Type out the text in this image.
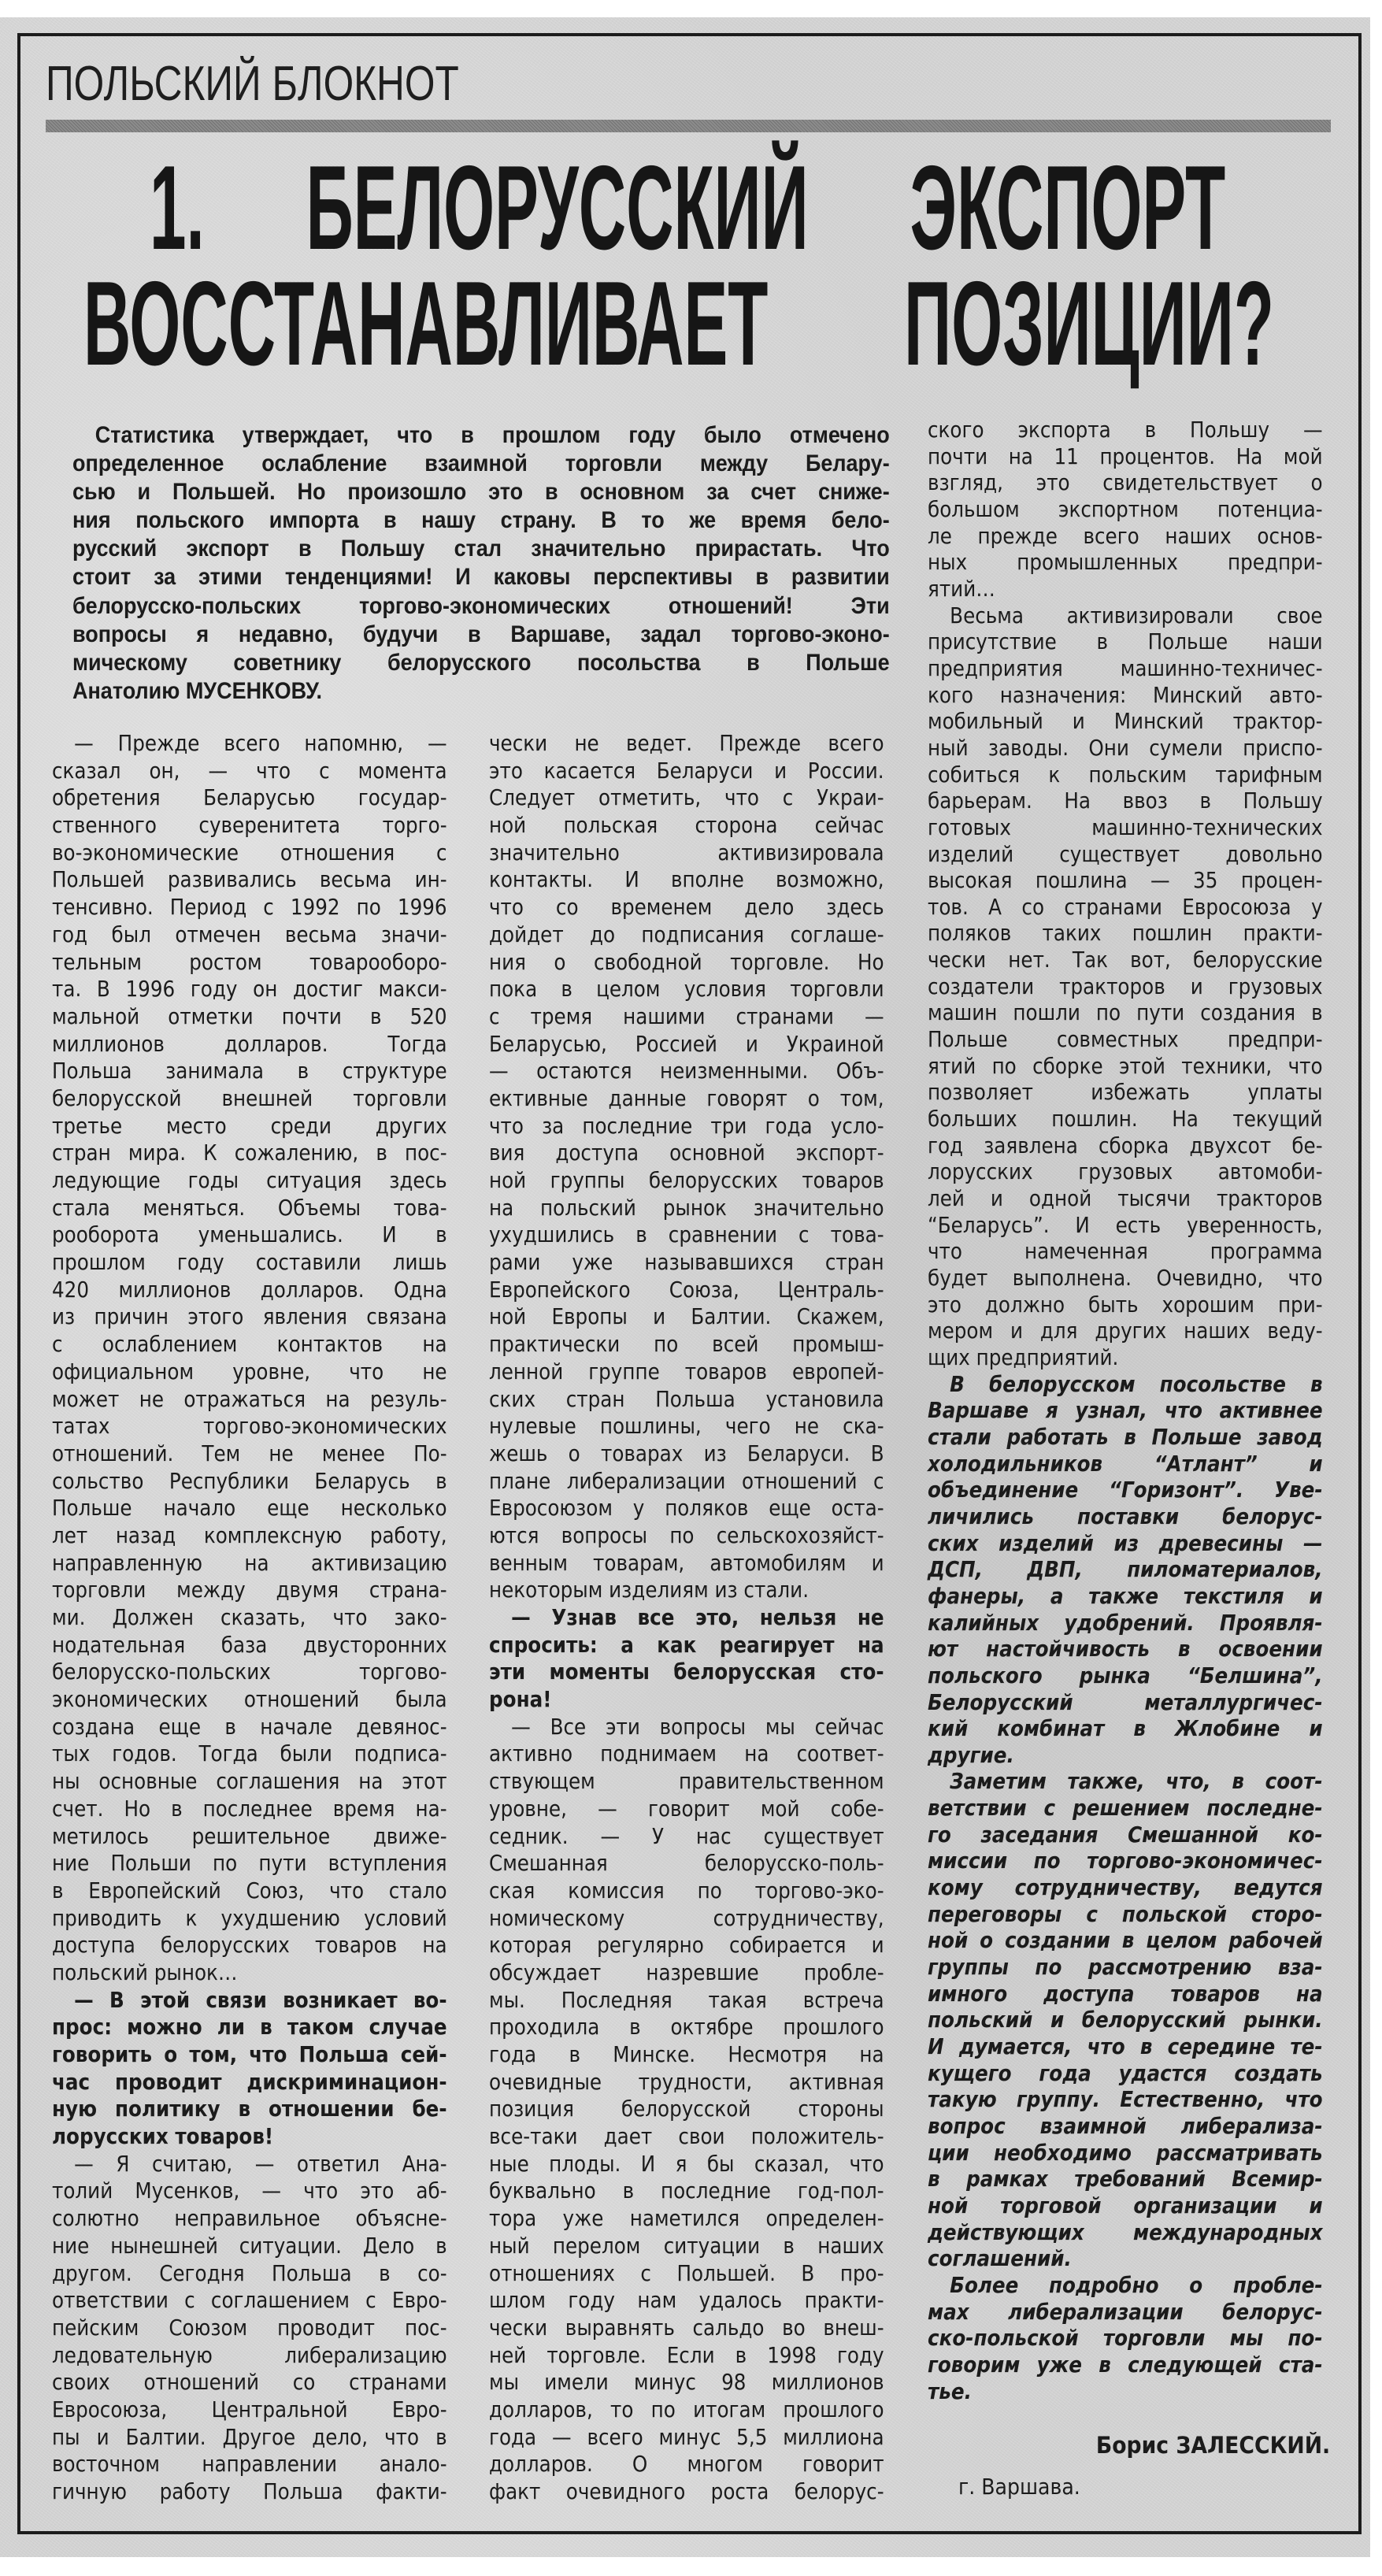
ПОЛЬСКИЙ БЛОКНОТ
1. БЕЛОРУССКИЙ ЭКСПОРТ
ВОССТАНАВЛИВАЕТ ПОЗИЦИИ?
Статистика утверждает, что в прошлом году было отмечено
определенное ослабление взаимной торговли между Белару-
сью и Польшей. Но произошло это в основном за счет сниже-
ния польского импорта в нашу страну. В то же время бело-
русский экспорт в Польшу стал значительно прирастать. Что
стоит за этими тенденциями! И каковы перспективы в развитии
белорусско-польских торгово-экономических отношений! Эти
вопросы я недавно, будучи в Варшаве, задал торгово-эконо-
мическому советнику белорусского посольства в Польше
Анатолию МУСЕНКОВУ.
— Прежде всего напомню, —
сказал он, — что с момента
обретения Беларусью государ-
ственного суверенитета торго-
во-экономические отношения с
Польшей развивались весьма ин-
тенсивно. Период с 1992 по 1996
год был отмечен весьма значи-
тельным ростом товарооборо-
та. В 1996 году он достиг макси-
мальной отметки почти в 520
миллионов долларов. Тогда
Польша занимала в структуре
белорусской внешней торговли
третье место среди других
стран мира. К сожалению, в пос-
ледующие годы ситуация здесь
стала меняться. Объемы това-
рооборота уменьшались. И в
прошлом году составили лишь
420 миллионов долларов. Одна
из причин этого явления связана
с ослаблением контактов на
официальном уровне, что не
может не отражаться на резуль-
татах торгово-экономических
отношений. Тем не менее По-
сольство Республики Беларусь в
Польше начало еще несколько
лет назад комплексную работу,
направленную на активизацию
торговли между двумя страна-
ми. Должен сказать, что зако-
нодательная база двусторонних
белорусско-польских торгово-
экономических отношений была
создана еще в начале девянос-
тых годов. Тогда были подписа-
ны основные соглашения на этот
счет. Но в последнее время на-
метилось решительное движе-
ние Польши по пути вступления
в Европейский Союз, что стало
приводить к ухудшению условий
доступа белорусских товаров на
польский рынок…
— В этой связи возникает во-
прос: можно ли в таком случае
говорить о том, что Польша сей-
час проводит дискриминацион-
ную политику в отношении бе-
лорусских товаров!
— Я считаю, — ответил Ана-
толий Мусенков, — что это аб-
солютно неправильное объясне-
ние нынешней ситуации. Дело в
другом. Сегодня Польша в со-
ответствии с соглашением с Евро-
пейским Союзом проводит пос-
ледовательную либерализацию
своих отношений со странами
Евросоюза, Центральной Евро-
пы и Балтии. Другое дело, что в
восточном направлении анало-
гичную работу Польша факти-
чески не ведет. Прежде всего
это касается Беларуси и России.
Следует отметить, что с Украи-
ной польская сторона сейчас
значительно активизировала
контакты. И вполне возможно,
что со временем дело здесь
дойдет до подписания соглаше-
ния о свободной торговле. Но
пока в целом условия торговли
с тремя нашими странами —
Беларусью, Россией и Украиной
— остаются неизменными. Объ-
ективные данные говорят о том,
что за последние три года усло-
вия доступа основной экспорт-
ной группы белорусских товаров
на польский рынок значительно
ухудшились в сравнении с това-
рами уже называвшихся стран
Европейского Союза, Централь-
ной Европы и Балтии. Скажем,
практически по всей промыш-
ленной группе товаров европей-
ских стран Польша установила
нулевые пошлины, чего не ска-
жешь о товарах из Беларуси. В
плане либерализации отношений с
Евросоюзом у поляков еще оста-
ются вопросы по сельскохозяйст-
венным товарам, автомобилям и
некоторым изделиям из стали.
— Узнав все это, нельзя не
спросить: а как реагирует на
эти моменты белорусская сто-
рона!
— Все эти вопросы мы сейчас
активно поднимаем на соответ-
ствующем правительственном
уровне, — говорит мой собе-
седник. — У нас существует
Смешанная белорусско-поль-
ская комиссия по торгово-эко-
номическому сотрудничеству,
которая регулярно собирается и
обсуждает назревшие пробле-
мы. Последняя такая встреча
проходила в октябре прошлого
года в Минске. Несмотря на
очевидные трудности, активная
позиция белорусской стороны
все-таки дает свои положитель-
ные плоды. И я бы сказал, что
буквально в последние год-пол-
тора уже наметился определен-
ный перелом ситуации в наших
отношениях с Польшей. В про-
шлом году нам удалось практи-
чески выравнять сальдо во внеш-
ней торговле. Если в 1998 году
мы имели минус 98 миллионов
долларов, то по итогам прошлого
года — всего минус 5,5 миллиона
долларов. О многом говорит
факт очевидного роста белорус-
ского экспорта в Польшу —
почти на 11 процентов. На мой
взгляд, это свидетельствует о
большом экспортном потенциа-
ле прежде всего наших основ-
ных промышленных предпри-
ятий…
Весьма активизировали свое
присутствие в Польше наши
предприятия машинно-техничес-
кого назначения: Минский авто-
мобильный и Минский трактор-
ный заводы. Они сумели приспо-
собиться к польским тарифным
барьерам. На ввоз в Польшу
готовых машинно-технических
изделий существует довольно
высокая пошлина — 35 процен-
тов. А со странами Евросоюза у
поляков таких пошлин практи-
чески нет. Так вот, белорусские
создатели тракторов и грузовых
машин пошли по пути создания в
Польше совместных предпри-
ятий по сборке этой техники, что
позволяет избежать уплаты
больших пошлин. На текущий
год заявлена сборка двухсот бе-
лорусских грузовых автомоби-
лей и одной тысячи тракторов
“Беларусь”. И есть уверенность,
что намеченная программа
будет выполнена. Очевидно, что
это должно быть хорошим при-
мером и для других наших веду-
щих предприятий.
В белорусском посольстве в
Варшаве я узнал, что активнее
стали работать в Польше завод
холодильников “Атлант” и
объединение “Горизонт”. Уве-
личились поставки белорус-
ских изделий из древесины —
ДСП, ДВП, пиломатериалов,
фанеры, а также текстиля и
калийных удобрений. Проявля-
ют настойчивость в освоении
польского рынка “Белшина”,
Белорусский металлургичес-
кий комбинат в Жлобине и
другие.
Заметим также, что, в соот-
ветствии с решением последне-
го заседания Смешанной ко-
миссии по торгово-экономичес-
кому сотрудничеству, ведутся
переговоры с польской сторо-
ной о создании в целом рабочей
группы по рассмотрению вза-
имного доступа товаров на
польский и белорусский рынки.
И думается, что в середине те-
кущего года удастся создать
такую группу. Естественно, что
вопрос взаимной либерализа-
ции необходимо рассматривать
в рамках требований Всемир-
ной торговой организации и
действующих международных
соглашений.
Более подробно о пробле-
мах либерализации белорус-
ско-польской торговли мы по-
говорим уже в следующей ста-
тье.
Борис ЗАЛЕССКИЙ.
г. Варшава.
